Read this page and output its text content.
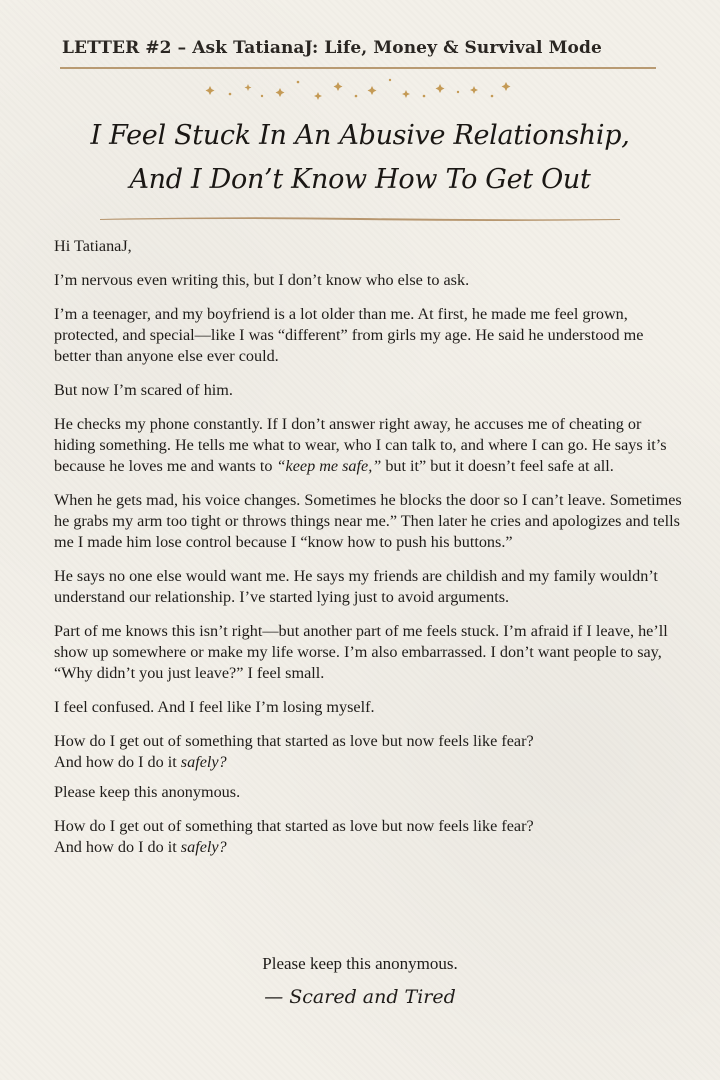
LETTER #2 – Ask TatianaJ: Life, Money & Survival Mode
I Feel Stuck In An Abusive Relationship,
And I Don’t Know How To Get Out

Hi TatianaJ,

I’m nervous even writing this, but I don’t know who else to ask.

I’m a teenager, and my boyfriend is a lot older than me. At first, he made me feel grown, protected, and special—like I was “different” from girls my age. He said he understood me better than anyone else ever could.

But now I’m scared of him.

He checks my phone constantly. If I don’t answer right away, he accuses me of cheating or hiding something. He tells me what to wear, who I can talk to, and where I can go. He says it’s because he loves me and wants to “keep me safe,” but it” but it doesn’t feel safe at all.

When he gets mad, his voice changes. Sometimes he blocks the door so I can’t leave. Sometimes he grabs my arm too tight or throws things near me.” Then later he cries and apologizes and tells me I made him lose control because I “know how to push his buttons.”

He says no one else would want me. He says my friends are childish and my family wouldn’t understand our relationship. I’ve started lying just to avoid arguments.

Part of me knows this isn’t right—but another part of me feels stuck. I’m afraid if I leave, he’ll show up somewhere or make my life worse. I’m also embarrassed. I don’t want people to say, “Why didn’t you just leave?” I feel small.

I feel confused. And I feel like I’m losing myself.

How do I get out of something that started as love but now feels like fear?
And how do I do it safely?

Please keep this anonymous.

How do I get out of something that started as love but now feels like fear?
And how do I do it safely?

Please keep this anonymous.
— Scared and Tired
